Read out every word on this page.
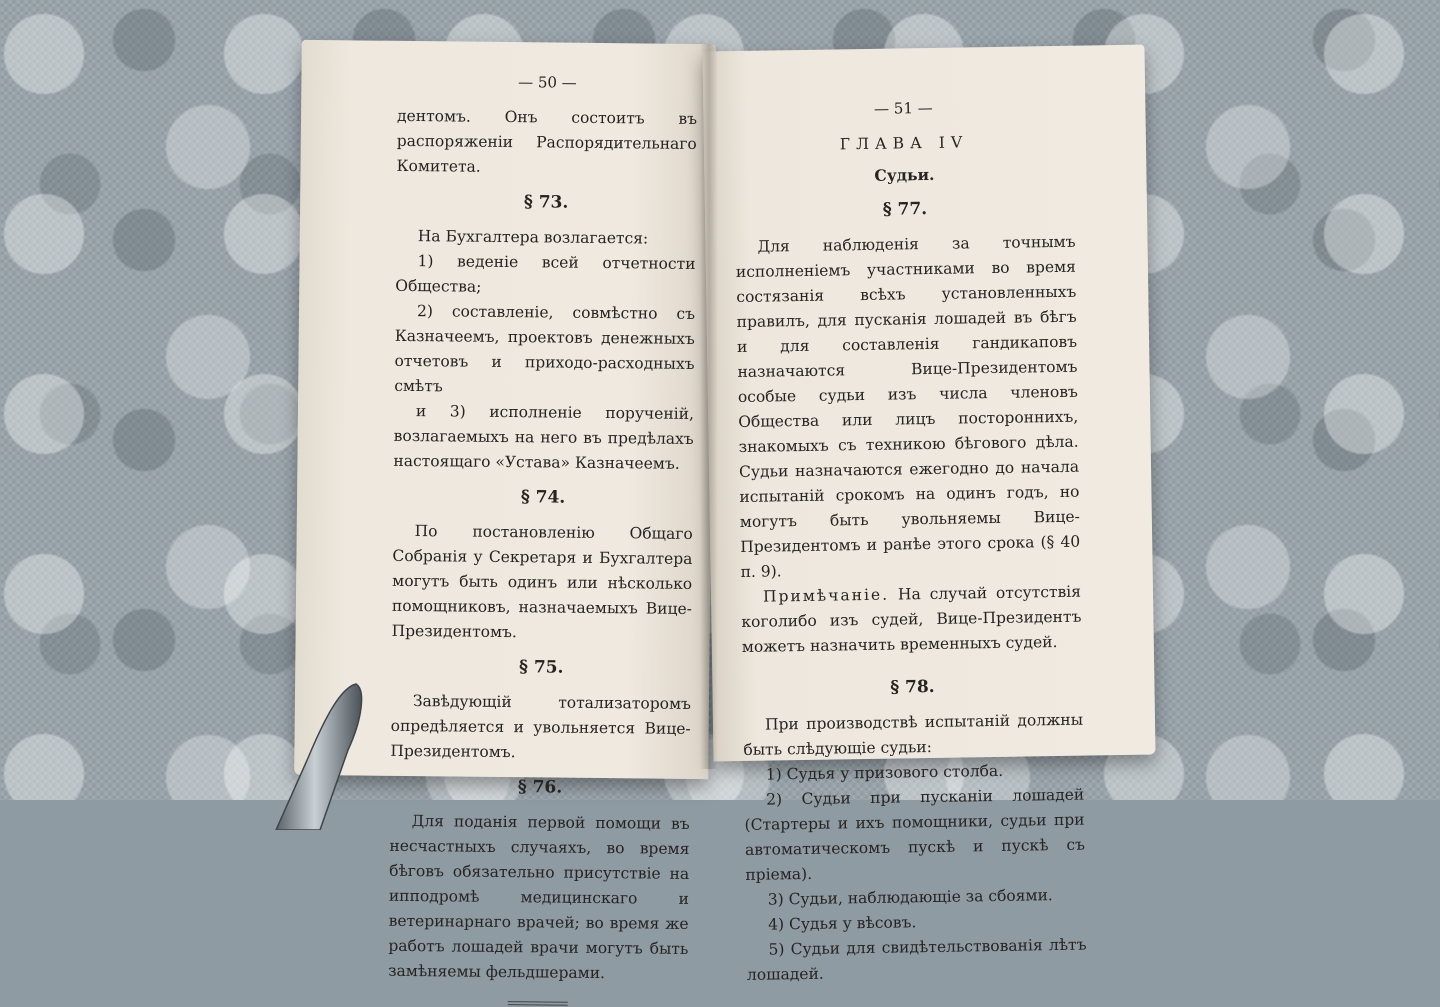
— 50 —

дентомъ. Онъ состоитъ въ распоряженіи Распорядительнаго Комитета.

§ 73.

На Бухгалтера возлагается:

1) веденіе всей отчетности Общества;

2) составленіе, совмѣстно съ Казначеемъ, проектовъ денежныхъ отчетовъ и приходо-расходныхъ смѣтъ

и 3) исполненіе порученій, возлагаемыхъ на него въ предѣлахъ настоящаго «Устава» Казначеемъ.

§ 74.

По постановленію Общаго Собранія у Секретаря и Бухгалтера могутъ быть одинъ или нѣсколько помощниковъ, назначаемыхъ Вице-Президентомъ.

§ 75.

Завѣдующій тотализаторомъ опредѣляется и увольняется Вице-Президентомъ.

§ 76.

Для поданія первой помощи въ несчастныхъ случаяхъ, во время бѣговъ обязательно присутствіе на ипподромѣ медицинскаго и ветеринарнаго врачей; во время же работъ лошадей врачи могутъ быть замѣняемы фельдшерами.

— 51 —
ГЛАВА IV
Судьи.
§ 77.

Для наблюденія за точнымъ исполненіемъ участниками во время состязанія всѣхъ установленныхъ правилъ, для пусканія лошадей въ бѣгъ и для составленія гандикаповъ назначаются Вице-Президентомъ особые судьи изъ числа членовъ Общества или лицъ постороннихъ, знакомыхъ съ техникою бѣгового дѣла. Судьи назначаются ежегодно до начала испытаній срокомъ на одинъ годъ, но могутъ быть увольняемы Вице-Президентомъ и ранѣе этого срока (§ 40 п. 9).

Примѣчаніе. На случай отсутствія коголибо изъ судей, Вице-Президентъ можетъ назначить временныхъ судей.

§ 78.

При производствѣ испытаній должны быть слѣдующіе судьи:

1) Судья у призового столба.

2) Судьи при пусканіи лошадей (Стартеры и ихъ помощники, судьи при автоматическомъ пускѣ и пускѣ съ пріема).

3) Судьи, наблюдающіе за сбоями.

4) Судья у вѣсовъ.

5) Судьи для свидѣтельствованія лѣтъ лошадей.
